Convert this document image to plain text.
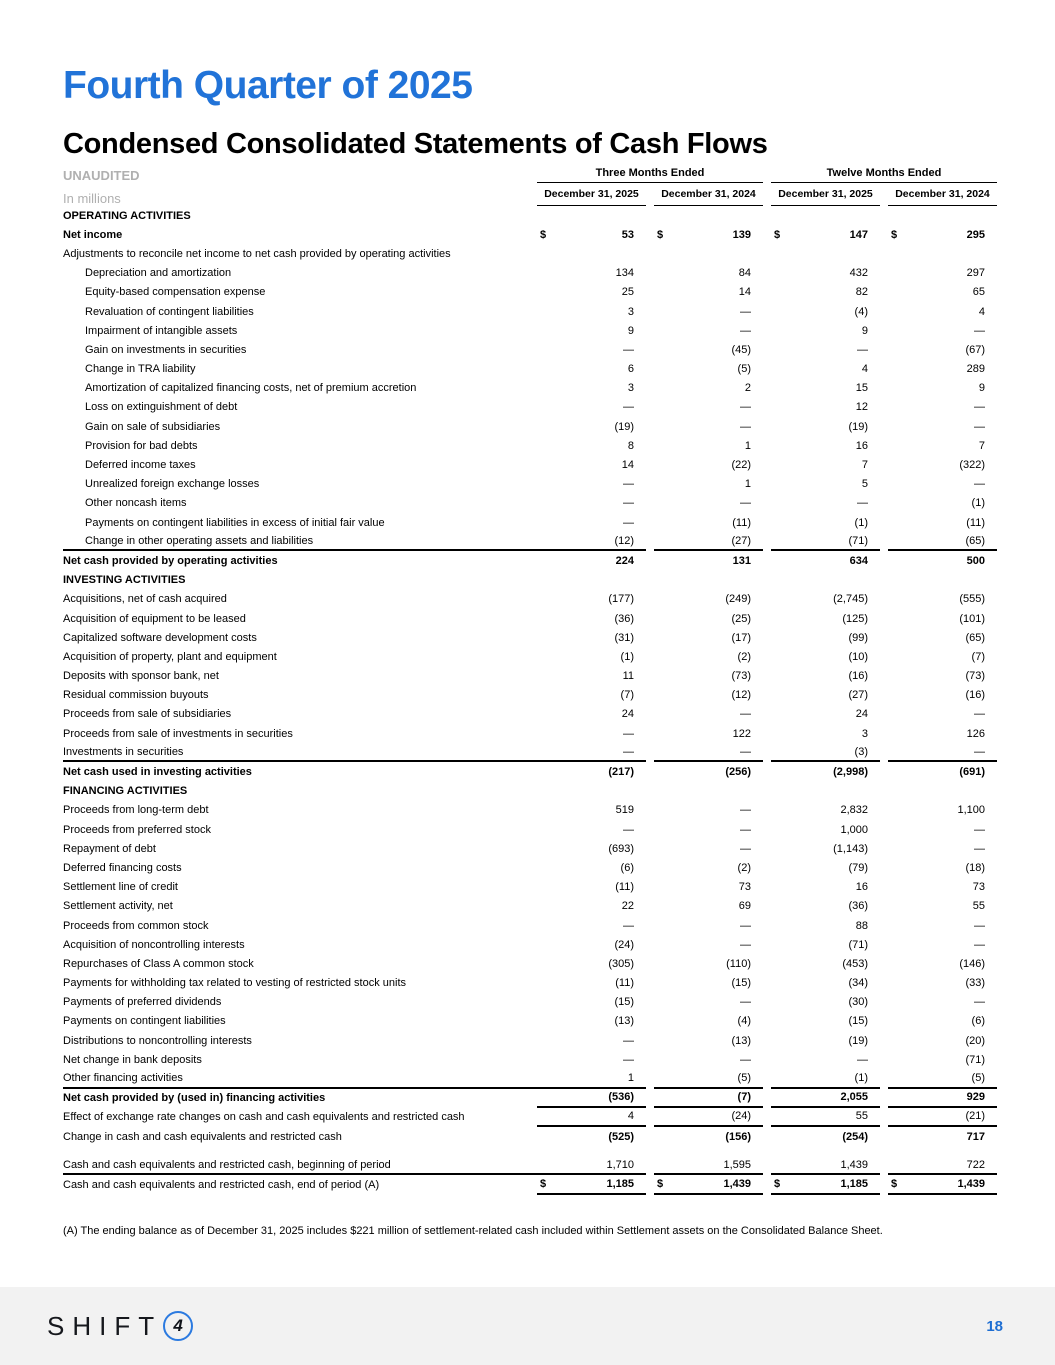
Fourth Quarter of 2025
Condensed Consolidated Statements of Cash Flows
UNAUDITED	Three Months Ended	Twelve Months Ended
In millions	December 31, 2025	December 31, 2024	December 31, 2025	December 31, 2024
OPERATING ACTIVITIES
Net income	$	53	$	139	$	147	$	295
Adjustments to reconcile net income to net cash provided by operating activities
Depreciation and amortization	134	84	432	297
Equity-based compensation expense	25	14	82	65
Revaluation of contingent liabilities	3	—	(4)	4
Impairment of intangible assets	9	—	9	—
Gain on investments in securities	—	(45)	—	(67)
Change in TRA liability	6	(5)	4	289
Amortization of capitalized financing costs, net of premium accretion	3	2	15	9
Loss on extinguishment of debt	—	—	12	—
Gain on sale of subsidiaries	(19)	—	(19)	—
Provision for bad debts	8	1	16	7
Deferred income taxes	14	(22)	7	(322)
Unrealized foreign exchange losses	—	1	5	—
Other noncash items	—	—	—	(1)
Payments on contingent liabilities in excess of initial fair value	—	(11)	(1)	(11)
Change in other operating assets and liabilities	(12)	(27)	(71)	(65)
Net cash provided by operating activities	224	131	634	500
INVESTING ACTIVITIES
Acquisitions, net of cash acquired	(177)	(249)	(2,745)	(555)
Acquisition of equipment to be leased	(36)	(25)	(125)	(101)
Capitalized software development costs	(31)	(17)	(99)	(65)
Acquisition of property, plant and equipment	(1)	(2)	(10)	(7)
Deposits with sponsor bank, net	11	(73)	(16)	(73)
Residual commission buyouts	(7)	(12)	(27)	(16)
Proceeds from sale of subsidiaries	24	—	24	—
Proceeds from sale of investments in securities	—	122	3	126
Investments in securities	—	—	(3)	—
Net cash used in investing activities	(217)	(256)	(2,998)	(691)
FINANCING ACTIVITIES
Proceeds from long-term debt	519	—	2,832	1,100
Proceeds from preferred stock	—	—	1,000	—
Repayment of debt	(693)	—	(1,143)	—
Deferred financing costs	(6)	(2)	(79)	(18)
Settlement line of credit	(11)	73	16	73
Settlement activity, net	22	69	(36)	55
Proceeds from common stock	—	—	88	—
Acquisition of noncontrolling interests	(24)	—	(71)	—
Repurchases of Class A common stock	(305)	(110)	(453)	(146)
Payments for withholding tax related to vesting of restricted stock units	(11)	(15)	(34)	(33)
Payments of preferred dividends	(15)	—	(30)	—
Payments on contingent liabilities	(13)	(4)	(15)	(6)
Distributions to noncontrolling interests	—	(13)	(19)	(20)
Net change in bank deposits	—	—	—	(71)
Other financing activities	1	(5)	(1)	(5)
Net cash provided by (used in) financing activities	(536)	(7)	2,055	929
Effect of exchange rate changes on cash and cash equivalents and restricted cash	4	(24)	55	(21)
Change in cash and cash equivalents and restricted cash	(525)	(156)	(254)	717
Cash and cash equivalents and restricted cash, beginning of period	1,710	1,595	1,439	722
Cash and cash equivalents and restricted cash, end of period (A)	$	1,185	$	1,439	$	1,185	$	1,439
(A) The ending balance as of December 31, 2025 includes $221 million of settlement-related cash included within Settlement assets on the Consolidated Balance Sheet.
SHIFT 4	18
